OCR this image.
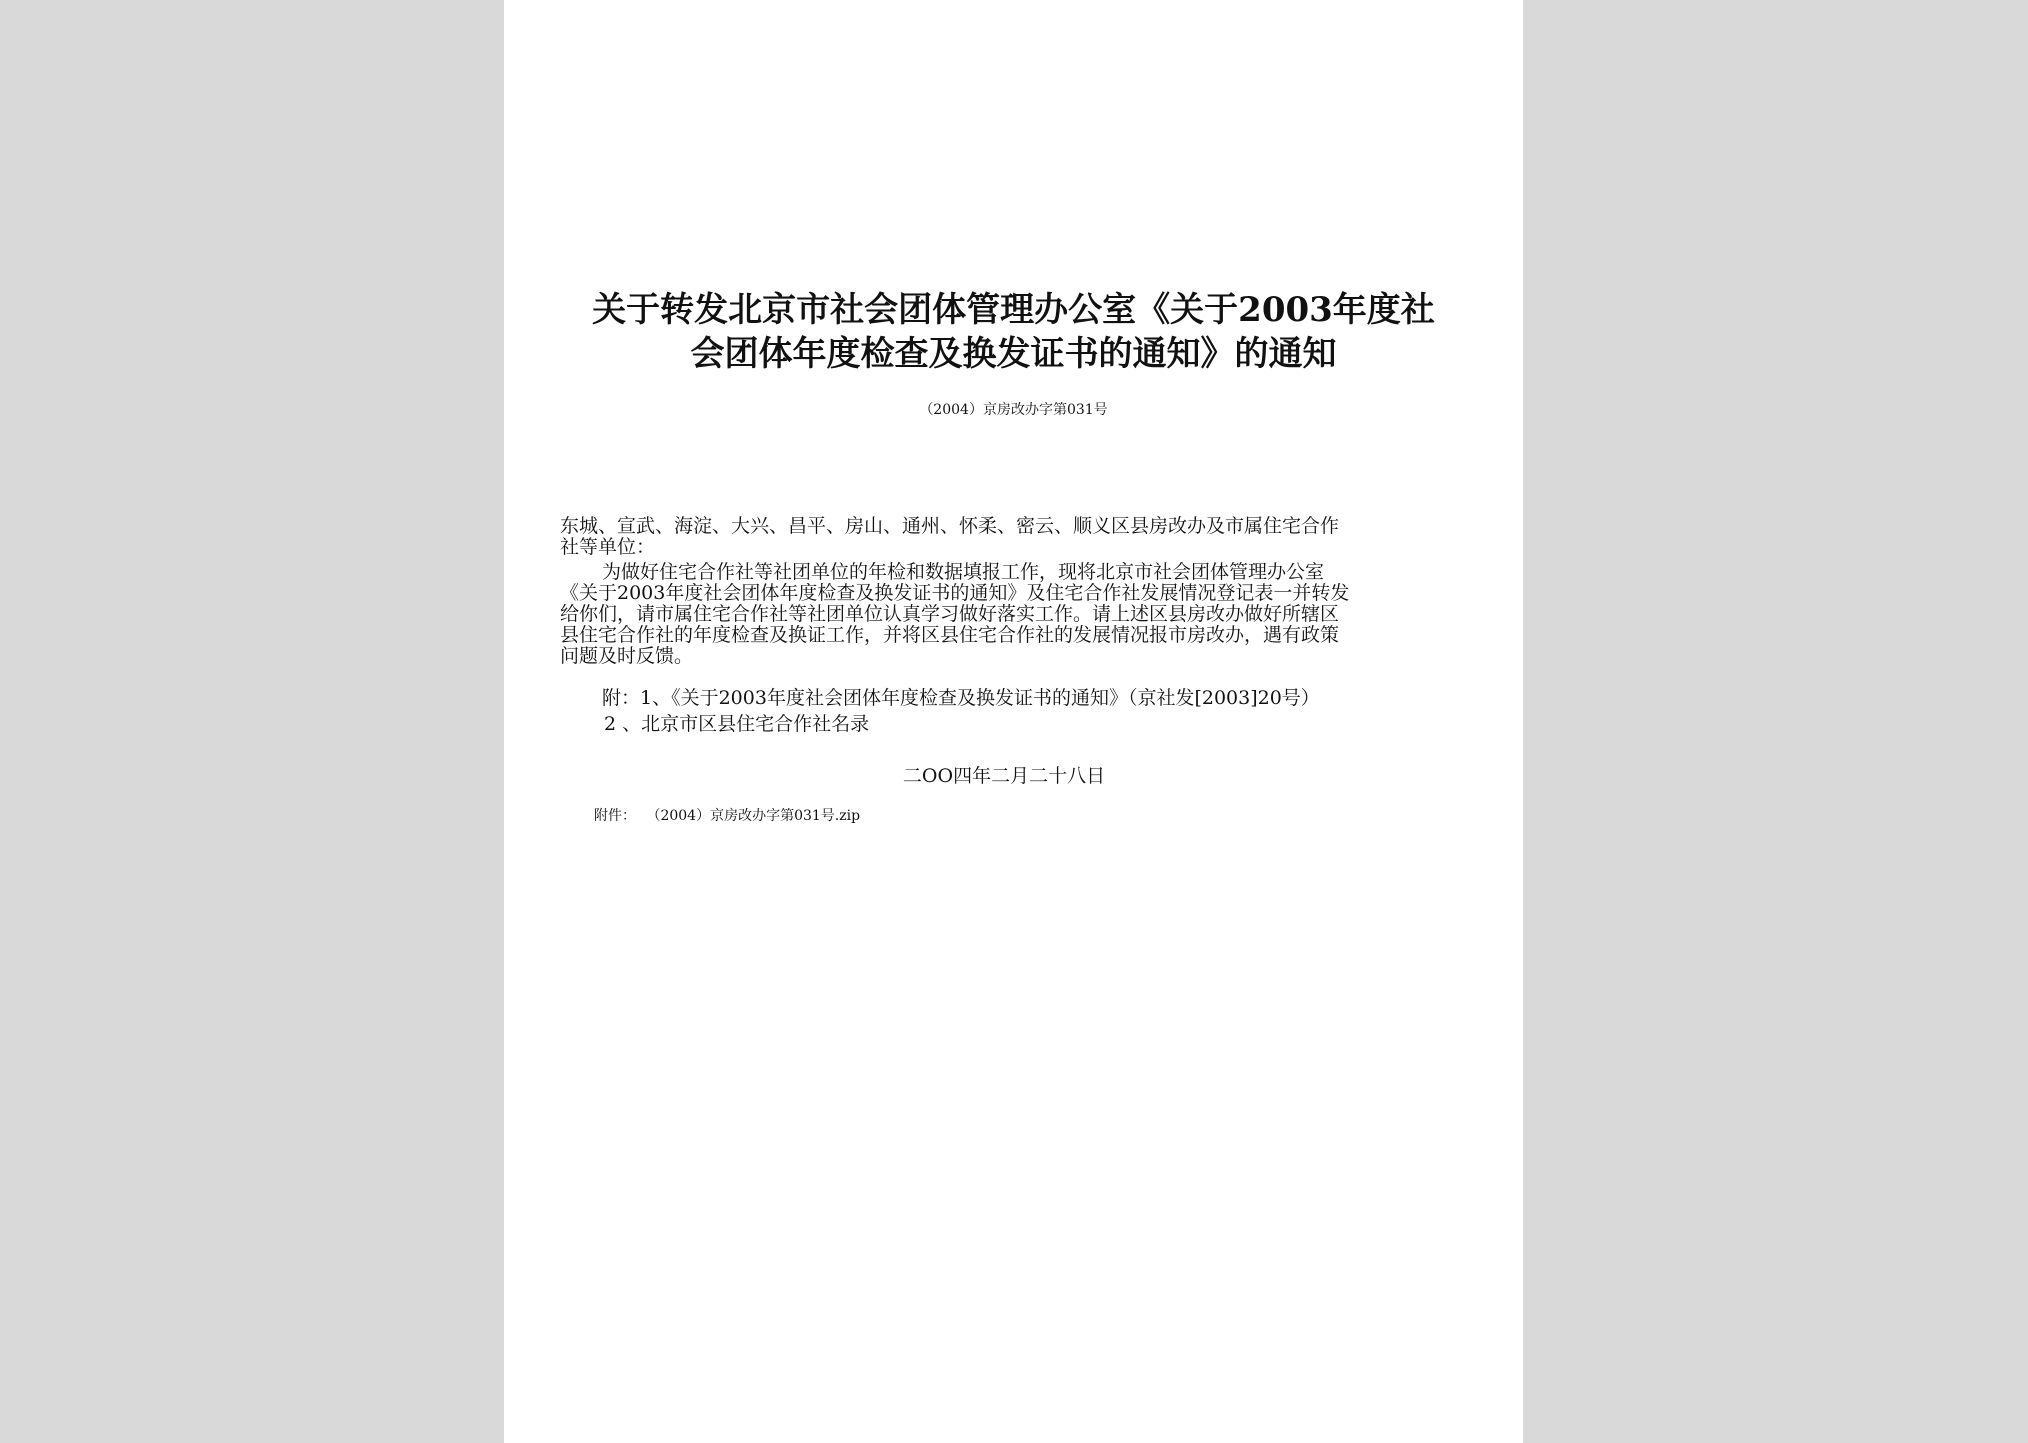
关于转发北京市社会团体管理办公室《关于2003年度社
会团体年度检查及换发证书的通知》的通知
（2004）京房改办字第031号
东城、宣武、海淀、大兴、昌平、房山、通州、怀柔、密云、顺义区县房改办及市属住宅合作
社等单位：
为做好住宅合作社等社团单位的年检和数据填报工作，现将北京市社会团体管理办公室
《关于2003年度社会团体年度检查及换发证书的通知》及住宅合作社发展情况登记表一并转发
给你们，请市属住宅合作社等社团单位认真学习做好落实工作。请上述区县房改办做好所辖区
县住宅合作社的年度检查及换证工作，并将区县住宅合作社的发展情况报市房改办，遇有政策
问题及时反馈。
附：1、《关于2003年度社会团体年度检查及换发证书的通知》（京社发[2003]20号）
2 、北京市区县住宅合作社名录
二OO四年二月二十八日
附件： （2004）京房改办字第031号.zip
